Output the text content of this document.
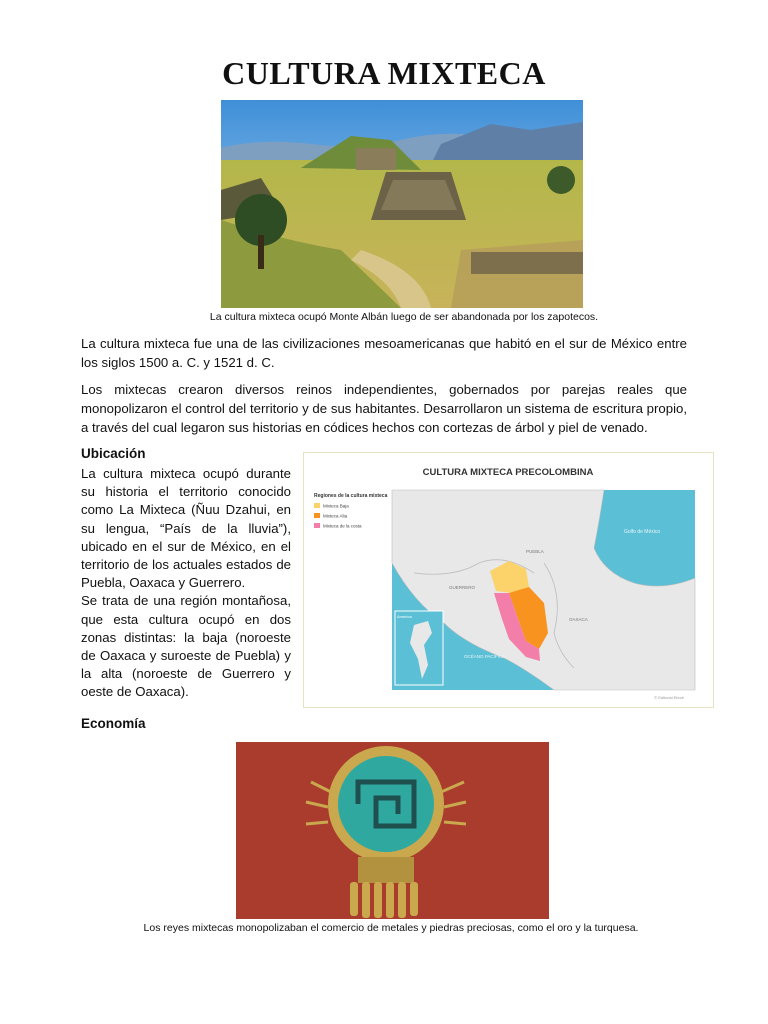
CULTURA MIXTECA
La cultura mixteca ocupó Monte Albán luego de ser abandonada por los zapotecos.
La cultura mixteca fue una de las civilizaciones mesoamericanas que habitó en el sur de México entre los siglos 1500 a. C. y 1521 d. C.
Los mixtecas crearon diversos reinos independientes, gobernados por parejas reales que monopolizaron el control del territorio y de sus habitantes. Desarrollaron un sistema de escritura propio, a través del cual legaron sus historias en códices hechos con cortezas de árbol y piel de venado.
Ubicación

La cultura mixteca ocupó durante su historia el territorio conocido como La Mixteca (Ñuu Dzahui, en su lengua, “País de la lluvia”), ubicado en el sur de México, en el territorio de los actuales estados de Puebla, Oaxaca y Guerrero.

Se trata de una región montañosa, que esta cultura ocupó en dos zonas distintas: la baja (noroeste de Oaxaca y suroeste de Puebla) y la alta (noroeste de Guerrero y oeste de Oaxaca).

CULTURA MIXTECA PRECOLOMBINA
Regiones de la cultura mixteca
Mixteca Baja
Mixteca Alta
Mixteca de la costa
Golfo de México
PUEBLA
GUERRERO
OAXACA
OCÉANO PACÍFICO
América
© Editorial Etecé
Economía
Los reyes mixtecas monopolizaban el comercio de metales y piedras preciosas, como el oro y la turquesa.
